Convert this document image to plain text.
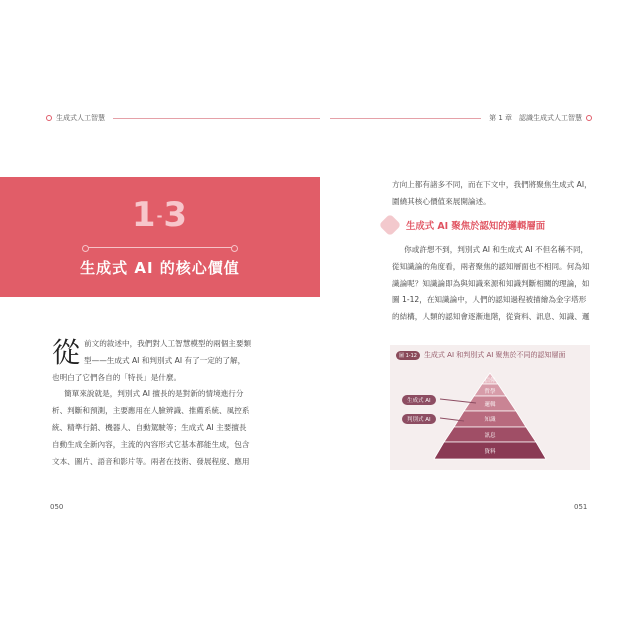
生成式人工智慧	第 1 章　認識生成式人工智慧
1-3
生成式 AI 的核心價值

從前文的敘述中，我們對人工智慧模型的兩個主要類型——生成式 AI 和判別式 AI 有了一定的了解，也明白了它們各自的「特長」是什麼。

簡單來說就是，判別式 AI 擅長的是對新的情境進行分析、判斷和預測，主要應用在人臉辨識、推薦系統、風控系統、精準行銷、機器人、自動駕駛等；生成式 AI 主要擅長自動生成全新內容，主流的內容形式它基本都能生成，包含文本、圖片、語音和影片等。兩者在技術、發展程度、應用

方向上都有諸多不同，而在下文中，我們將聚焦生成式 AI，圍繞其核心價值來展開論述。
生成式 AI 聚焦於認知的邏輯層面
你或許想不到，判別式 AI 和生成式 AI 不但名稱不同，從知識論的角度看，兩者聚焦的認知層面也不相同。何為知識論呢？知識論即為與知識來源和知識判斷相關的理論，如圖 1-12，在知識論中，人們的認知過程被描繪為金字塔形的結構，人類的認知會逐漸進階，從資料、訊息、知識、邏
圖 1-12	生成式 AI 和判別式 AI 聚焦於不同的認知層面
信仰
哲學
邏輯
知識
訊息
資料
生成式 AI
判別式 AI
050	051
